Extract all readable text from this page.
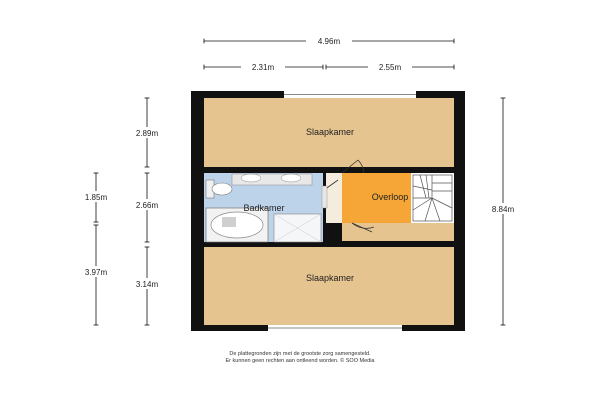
Slaapkamer
Badkamer
Overloop
Slaapkamer
4.96m
2.31m	2.55m
1.85m
3.97m
2.89m
2.66m
3.14m
8.84m
De plattegronden zijn met de grootste zorg samengesteld.
Er kunnen geen rechten aan ontleend worden. © SOO Media
